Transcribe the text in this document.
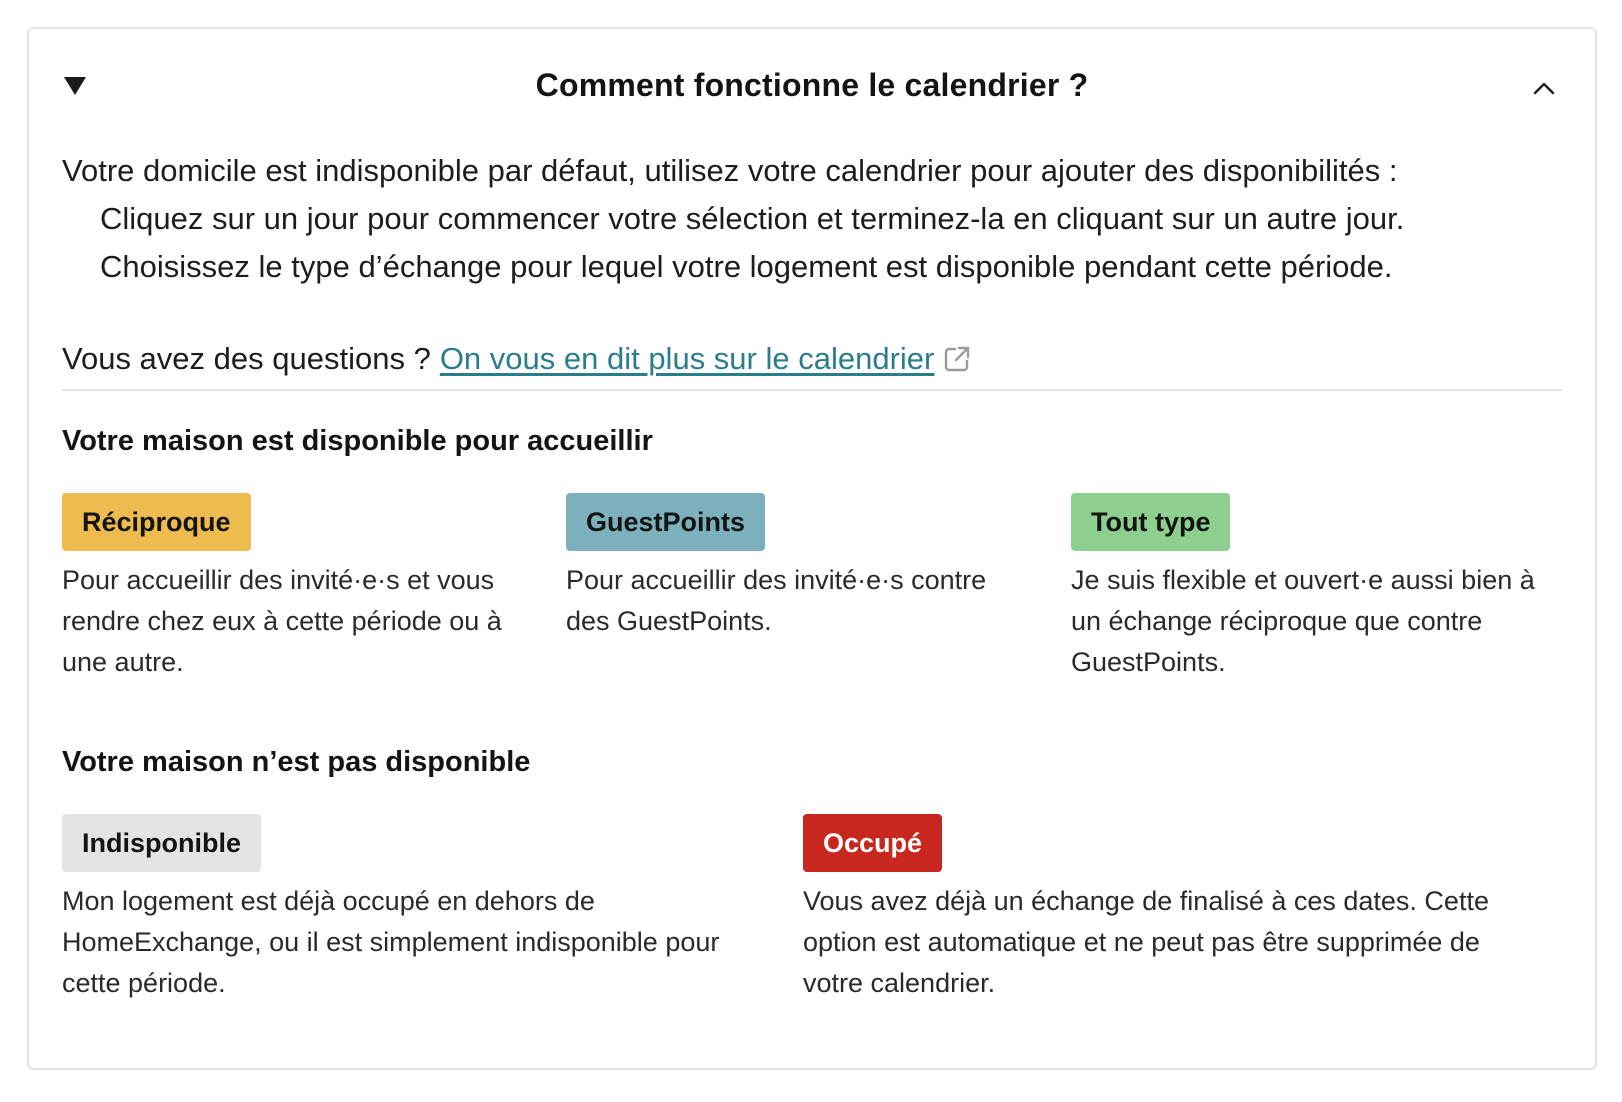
Comment fonctionne le calendrier ?
Votre domicile est indisponible par défaut, utilisez votre calendrier pour ajouter des disponibilités :
Cliquez sur un jour pour commencer votre sélection et terminez-la en cliquant sur un autre jour.
Choisissez le type d’échange pour lequel votre logement est disponible pendant cette période.
Vous avez des questions ? On vous en dit plus sur le calendrier
Votre maison est disponible pour accueillir
Réciproque
Pour accueillir des invité·e·s et vous rendre chez eux à cette période ou à une autre.
GuestPoints
Pour accueillir des invité·e·s contre des GuestPoints.
Tout type
Je suis flexible et ouvert·e aussi bien à un échange réciproque que contre GuestPoints.
Votre maison n’est pas disponible
Indisponible
Mon logement est déjà occupé en dehors de HomeExchange, ou il est simplement indisponible pour cette période.
Occupé
Vous avez déjà un échange de finalisé à ces dates. Cette option est automatique et ne peut pas être supprimée de votre calendrier.
